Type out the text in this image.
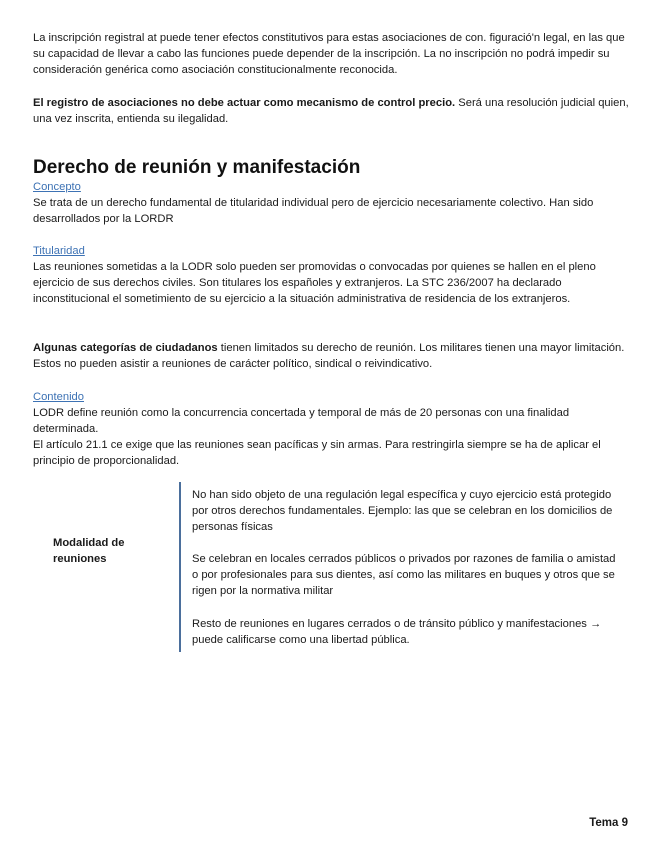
La inscripción registral at puede tener efectos constitutivos para estas asociaciones de con. figuració'n legal, en las que su capacidad de llevar a cabo las funciones puede depender de la inscripción. La no inscripción no podrá impedir su consideración genérica como asociación constitucionalmente reconocida.

El registro de asociaciones no debe actuar como mecanismo de control precio. Será una resolución judicial quien, una vez inscrita, entienda su ilegalidad.

Derecho de reunión y manifestación
Concepto

Se trata de un derecho fundamental de titularidad individual pero de ejercicio necesariamente colectivo. Han sido desarrollados por la LORDR

Titularidad

Las reuniones sometidas a la LODR solo pueden ser promovidas o convocadas por quienes se hallen en el pleno ejercicio de sus derechos civiles. Son titulares los españoles y extranjeros. La STC 236/2007 ha declarado inconstitucional el sometimiento de su ejercicio a la situación administrativa de residencia de los extranjeros.

Algunas categorías de ciudadanos tienen limitados su derecho de reunión. Los militares tienen una mayor limitación. Estos no pueden asistir a reuniones de carácter político, sindical o reivindicativo.

Contenido

LODR define reunión como la concurrencia concertada y temporal de más de 20 personas con una finalidad determinada.

El artículo 21.1 ce exige que las reuniones sean pacíficas y sin armas. Para restringirla siempre se ha de aplicar el principio de proporcionalidad.

Modalidad de reuniones

No han sido objeto de una regulación legal específica y cuyo ejercicio está protegido por otros derechos fundamentales. Ejemplo: las que se celebran en los domicilios de personas físicas

Se celebran en locales cerrados públicos o privados por razones de familia o amistad o por profesionales para sus dientes, así como las militares en buques y otros que se rigen por la normativa militar

Resto de reuniones en lugares cerrados o de tránsito público y manifestaciones → puede calificarse como una libertad pública.

Tema 9
